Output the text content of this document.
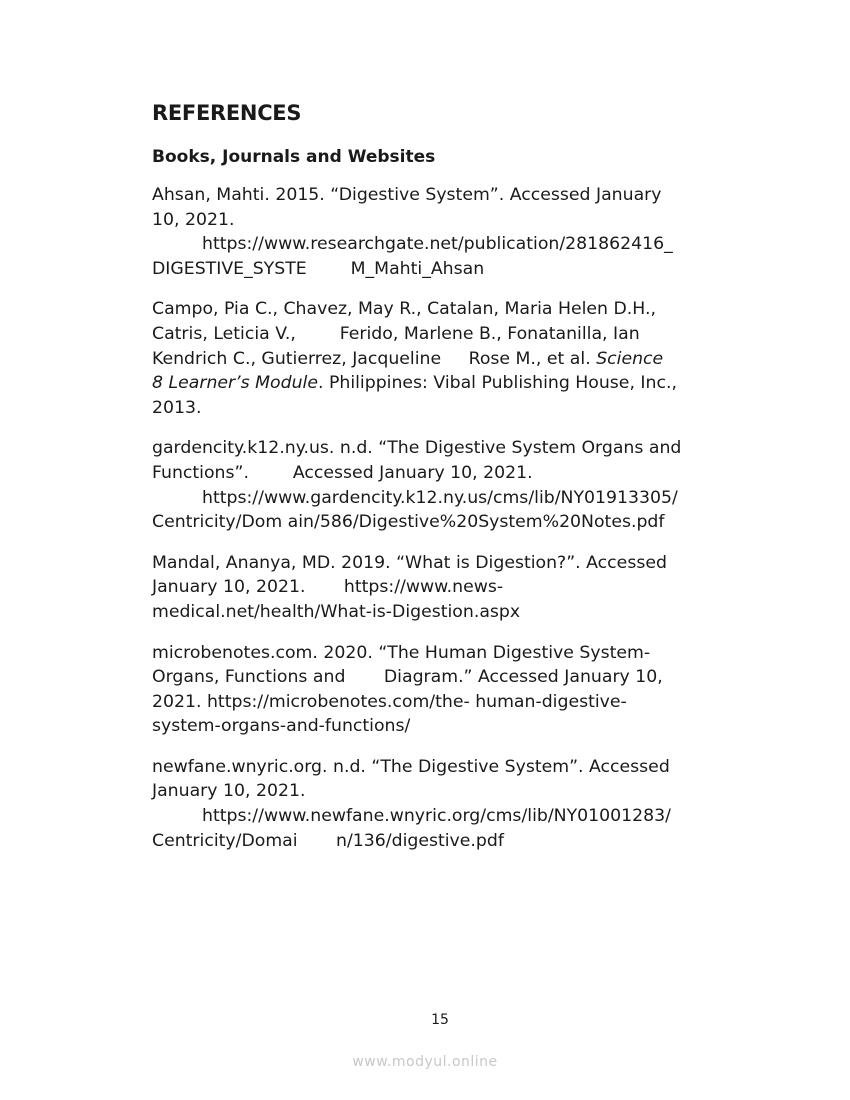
REFERENCES
Books, Journals and Websites
Ahsan, Mahti. 2015. “Digestive System”. Accessed January
10, 2021.
https://www.researchgate.net/publication/281862416_
DIGESTIVE_SYSTE        M_Mahti_Ahsan
Campo, Pia C., Chavez, May R., Catalan, Maria Helen D.H.,
Catris, Leticia V.,        Ferido, Marlene B., Fonatanilla, Ian
Kendrich C., Gutierrez, Jacqueline     Rose M., et al. Science
8 Learner’s Module. Philippines: Vibal Publishing House, Inc.,
2013.
gardencity.k12.ny.us. n.d. “The Digestive System Organs and
Functions”.        Accessed January 10, 2021.
https://www.gardencity.k12.ny.us/cms/lib/NY01913305/
Centricity/Dom ain/586/Digestive%20System%20Notes.pdf
Mandal, Ananya, MD. 2019. “What is Digestion?”. Accessed
January 10, 2021.       https://www.news-
medical.net/health/What-is-Digestion.aspx
microbenotes.com. 2020. “The Human Digestive System-
Organs, Functions and       Diagram.” Accessed January 10,
2021. https://microbenotes.com/the- human-digestive-
system-organs-and-functions/
newfane.wnyric.org. n.d. “The Digestive System”. Accessed
January 10, 2021.
https://www.newfane.wnyric.org/cms/lib/NY01001283/
Centricity/Domai       n/136/digestive.pdf
15
www.modyul.online
